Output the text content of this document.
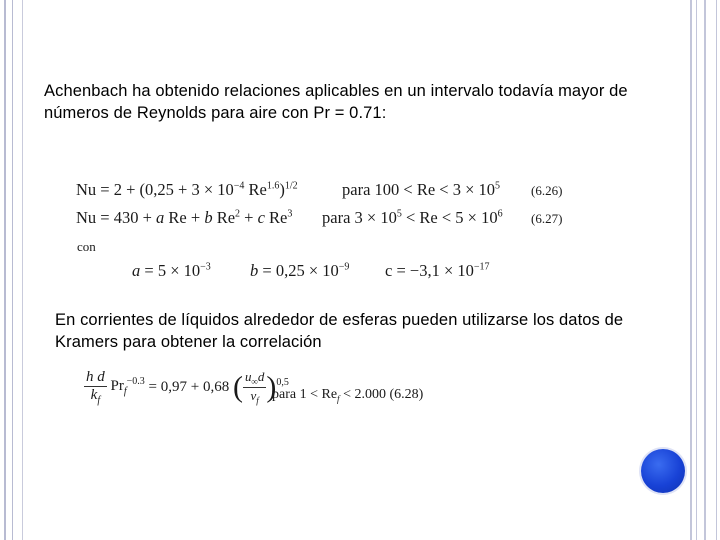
Achenbach ha obtenido relaciones aplicables en un intervalo todavía mayor de números de Reynolds para aire con Pr = 0.71:
$Nu = 2 + (0,25 + 3 \times 10^{-4}$ $Re^{1.6})^{1/2}$	para $100 < Re < 3 \times 10^5$ (6.26)
Nu = 430 + a Re + b $Re^2 + c$ Re$^3$ para $3 \times 10^5 < Re < 5 \times 10^6$ (6.27)
con
$a = 5 \times 10^{-3}$ $b = 0,25 \times 10^{-9}$ $c = -3,1 \times 10^{-17}$
En corrientes de líquidos alrededor de esferas pueden utilizarse los datos de Kramers para obtener la correlación
$\frac{\text{h d}}{k_f} Pr_f^{-0.3} = 0,97 + 0,68$ ( $\frac{u_\infty d}{\nu_f} )^{0,5}$
para $1 < Re_f < 2.000$ (6.28)
